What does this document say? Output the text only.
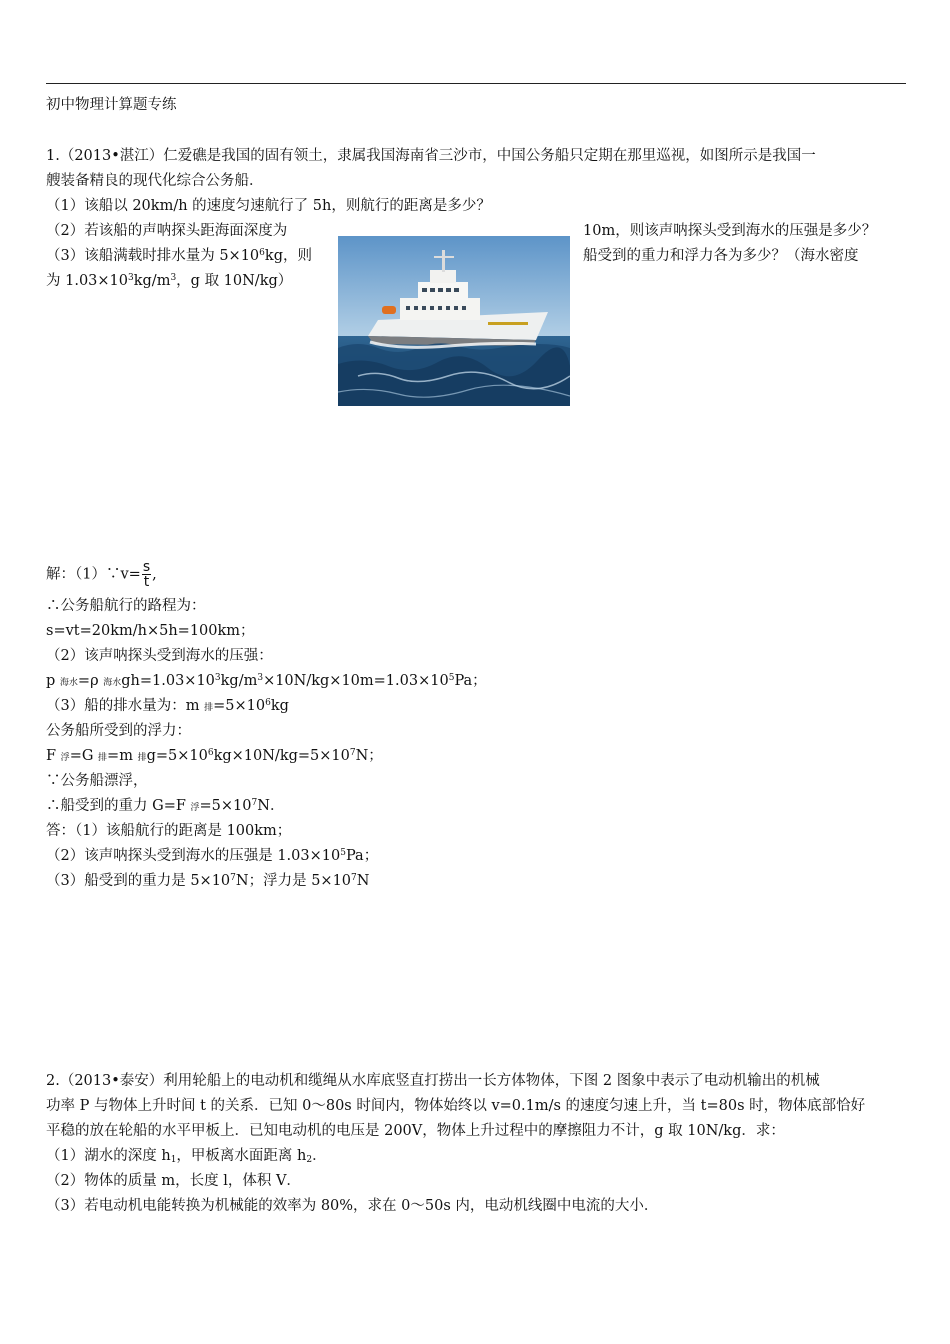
初中物理计算题专练
1.（2013•湛江）仁爱礁是我国的固有领土，隶属我国海南省三沙市，中国公务船只定期在那里巡视，如图所示是我国一
艘装备精良的现代化综合公务船．
（1）该船以 20km/h 的速度匀速航行了 5h，则航行的距离是多少？
（2）若该船的声呐探头距海面深度为	10m，则该声呐探头受到海水的压强是多少？
（3）该船满载时排水量为 $5\times 10^6kg$，则	船受到的重力和浮力各为多少？（海水密度
为 $1.03\times 10^3kg/m^3$，g 取 10N/kg）
解：（1）∵v= $\frac{s}{t}$ ,
∴公务船航行的路程为：
s=vt=20km/h×5h=100km；
（2）该声呐探头受到海水的压强：
p 海水=ρ 海水$gh=1.03\times 10^3kg/m^3\times 10N/kg\times 10m=1.03\times 10^5Pa$；
（3）船的排水量为：m 排$=5\times 10^6kg$
公务船所受到的浮力：
F 浮=G 排=m 排$g=5\times 10^6kg\times 10N/kg=5\times 10^7N$；
∵公务船漂浮，
∴船受到的重力 G=F 浮$=5\times 10^7N$．
答：（1）该船航行的距离是 100km；
（2）该声呐探头受到海水的压强是 $1.03\times 10^5Pa$；
（3）船受到的重力是 $5\times 10^7N$；浮力是 $5\times 10^7N$
2.（2013•泰安）利用轮船上的电动机和缆绳从水库底竖直打捞出一长方体物体，下图 2 图象中表示了电动机输出的机械
功率 P 与物体上升时间 t 的关系．已知 0～80s 时间内，物体始终以 v=0.1m/s 的速度匀速上升，当 t=80s 时，物体底部恰好
平稳的放在轮船的水平甲板上．已知电动机的电压是 200V，物体上升过程中的摩擦阻力不计，g 取 10N/kg．求：
（1）湖水的深度 $h_1$，甲板离水面距离 $h_2$．
（2）物体的质量 m，长度 l，体积 V．
（3）若电动机电能转换为机械能的效率为 80%，求在 0～50s 内，电动机线圈中电流的大小．
